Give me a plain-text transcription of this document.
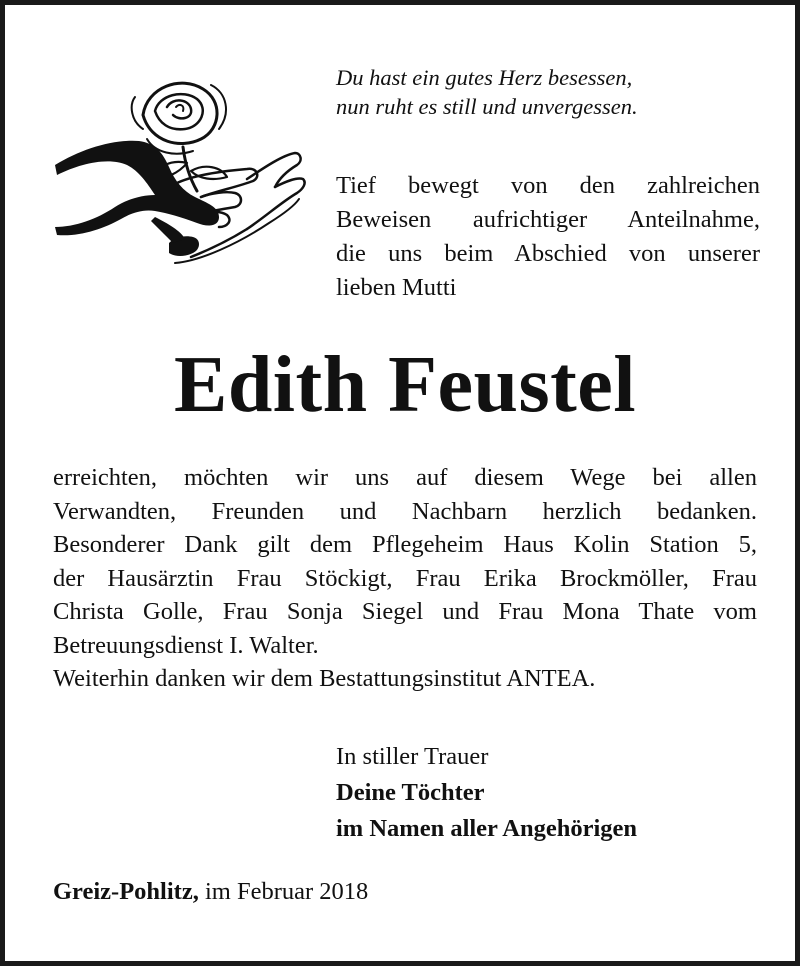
Du hast ein gutes Herz besessen,
nun ruht es still und unvergessen.
Tief bewegt von den zahlreichen
Beweisen aufrichtiger Anteilnahme,
die uns beim Abschied von unserer
lieben Mutti
Edith Feustel

erreichten, möchten wir uns auf diesem Wege bei allen

Verwandten, Freunden und Nachbarn herzlich bedanken.

Besonderer Dank gilt dem Pflegeheim Haus Kolin Station 5,

der Hausärztin Frau Stöckigt, Frau Erika Brockmöller, Frau

Christa Golle, Frau Sonja Siegel und Frau Mona Thate vom

Betreuungsdienst I. Walter.

Weiterhin danken wir dem Bestattungsinstitut ANTEA.

In stiller Trauer
Deine Töchter
im Namen aller Angehörigen
Greiz-Pohlitz, im Februar 2018
